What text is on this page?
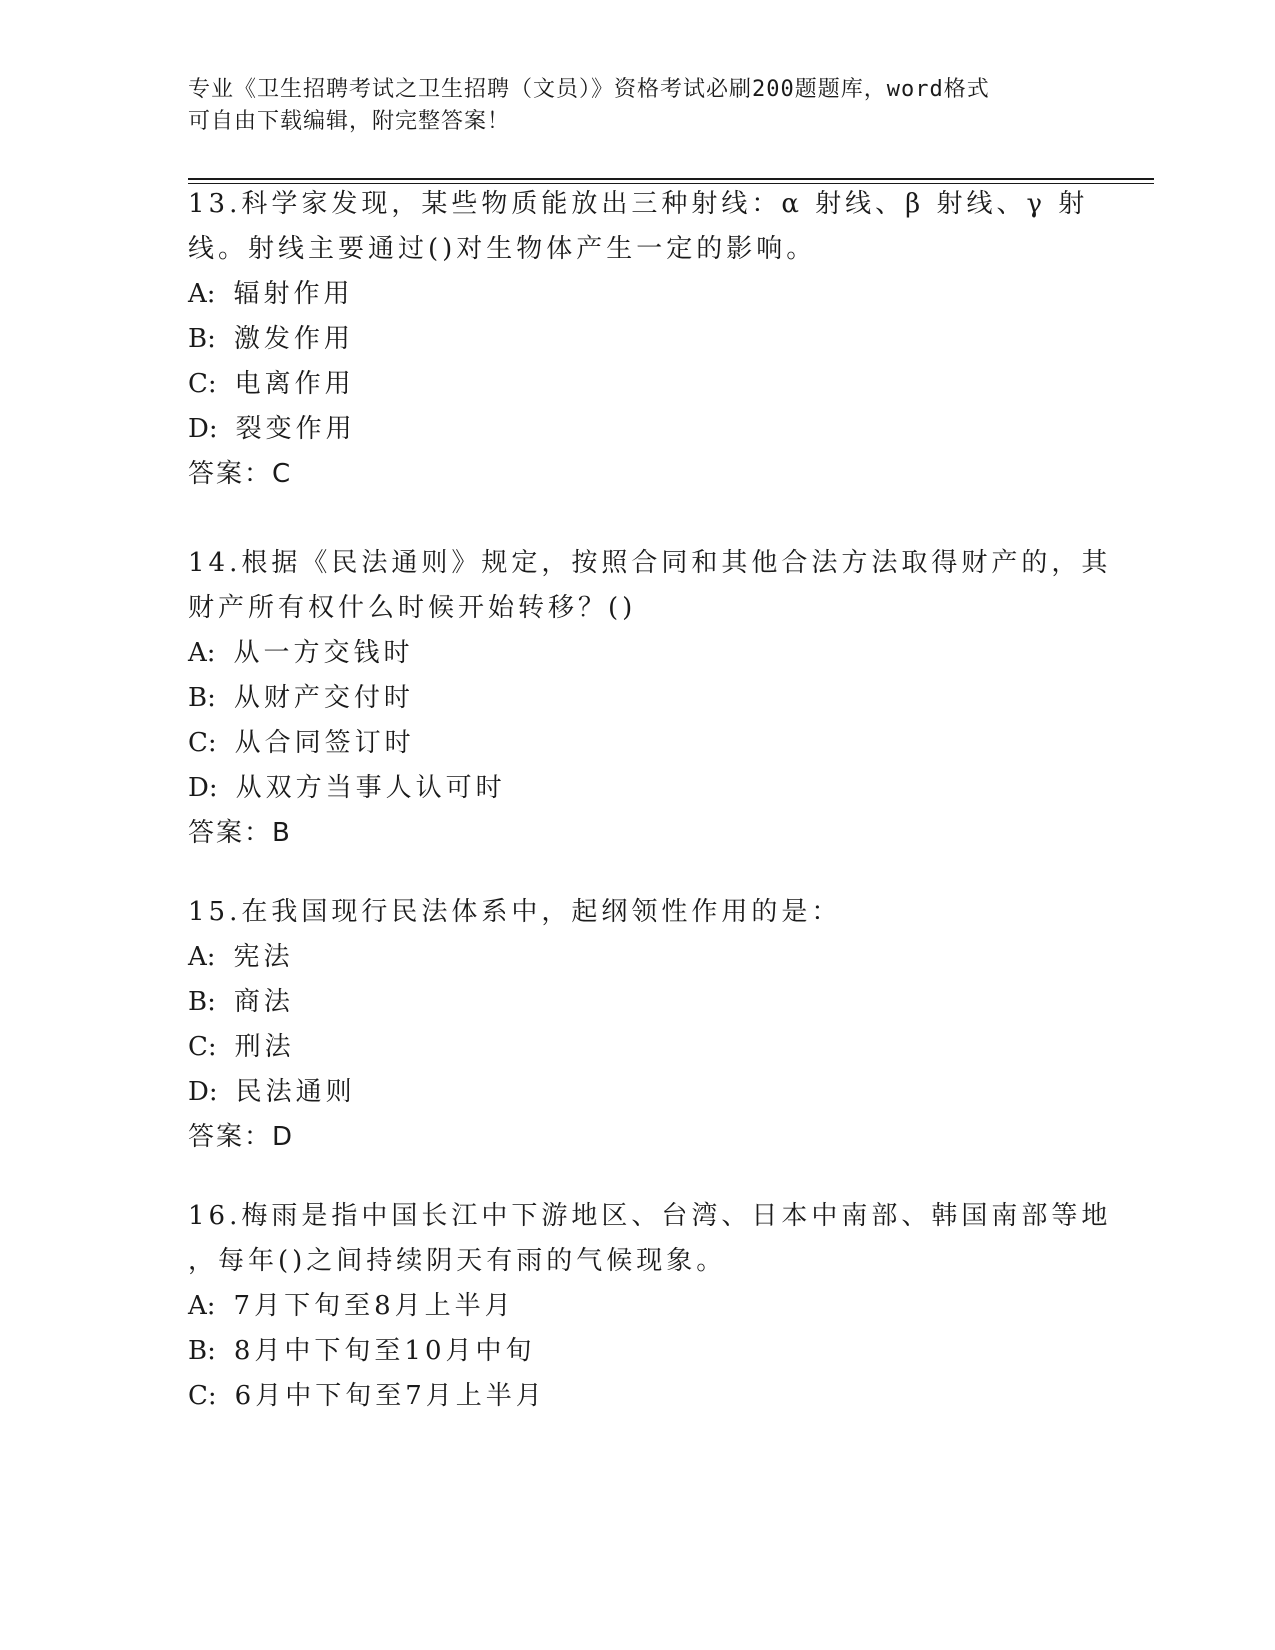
专业《卫生招聘考试之卫生招聘（文员）》资格考试必刷200题题库，word格式
可自由下载编辑，附完整答案！
13.科学家发现，某些物质能放出三种射线：α 射线、β 射线、γ 射
线。射线主要通过()对生物体产生一定的影响。
A: 辐射作用
B: 激发作用
C: 电离作用
D: 裂变作用
答案：C
14.根据《民法通则》规定，按照合同和其他合法方法取得财产的，其
财产所有权什么时候开始转移？()
A: 从一方交钱时
B: 从财产交付时
C: 从合同签订时
D: 从双方当事人认可时
答案：B
15.在我国现行民法体系中，起纲领性作用的是：
A: 宪法
B: 商法
C: 刑法
D: 民法通则
答案：D
16.梅雨是指中国长江中下游地区、台湾、日本中南部、韩国南部等地
，每年()之间持续阴天有雨的气候现象。
A: 7月下旬至8月上半月
B: 8月中下旬至10月中旬
C: 6月中下旬至7月上半月
